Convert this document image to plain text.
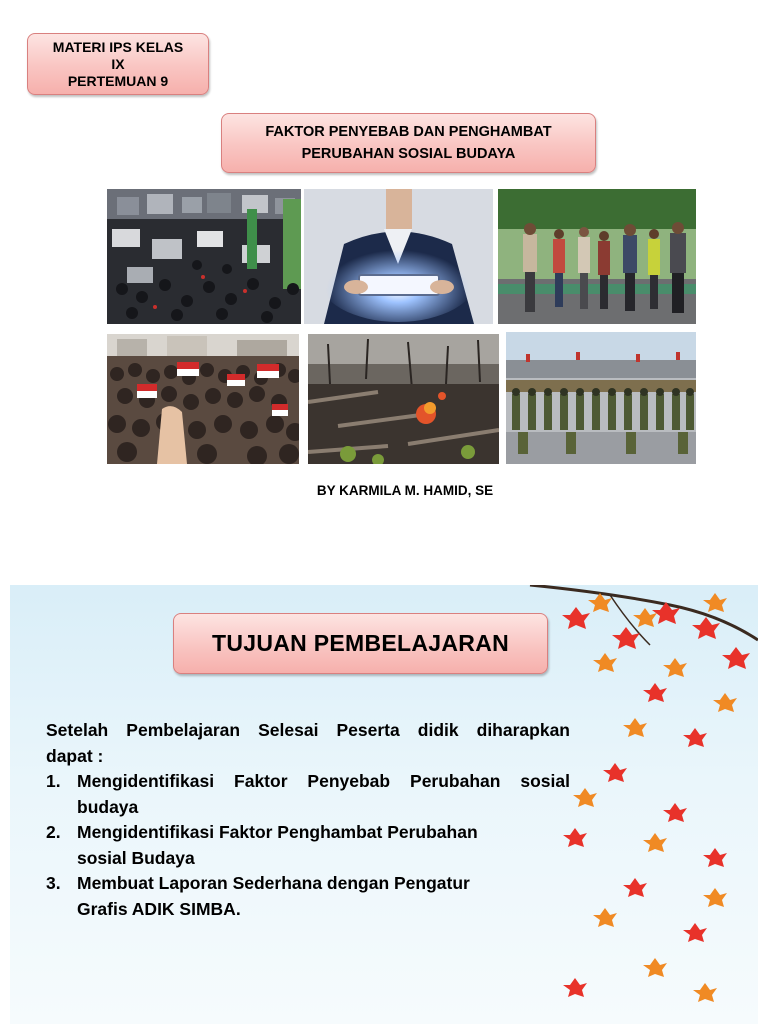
MATERI IPS KELAS
IX
PERTEMUAN 9
FAKTOR PENYEBAB DAN PENGHAMBAT
PERUBAHAN SOSIAL BUDAYA
BY KARMILA M. HAMID, SE
TUJUAN PEMBELAJARAN

Setelah Pembelajaran Selesai Peserta didik diharapkan

dapat :

1. Mengidentifikasi Faktor Penyebab Perubahan sosial
budaya
2. Mengidentifikasi Faktor Penghambat Perubahan
sosial Budaya
3. Membuat Laporan Sederhana dengan Pengatur
Grafis ADIK SIMBA.
